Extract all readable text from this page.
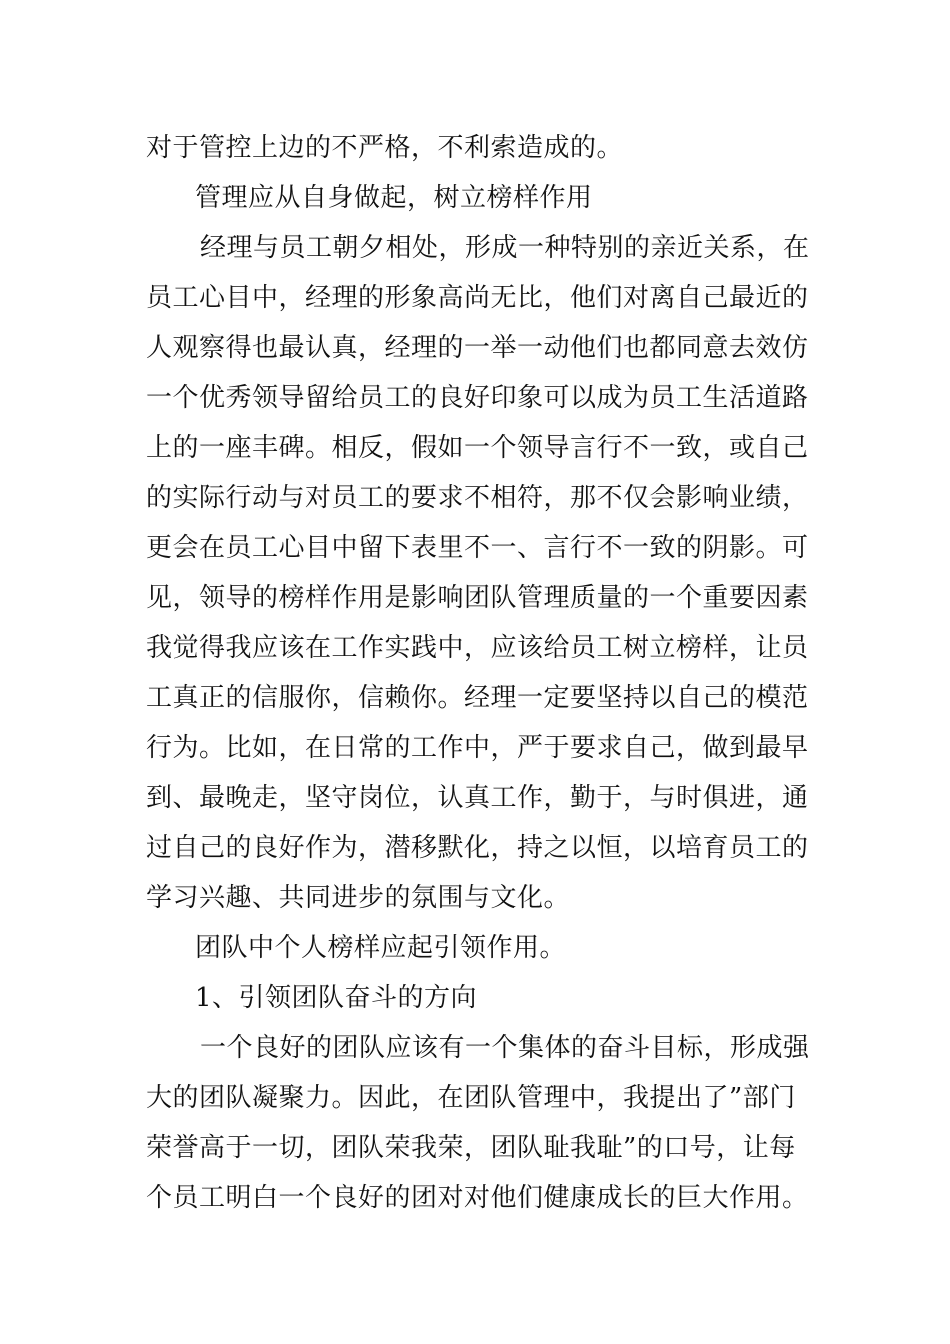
对于管控上边的不严格，不利索造成的。
管理应从自身做起，树立榜样作用
经理与员工朝夕相处，形成一种特别的亲近关系，在
员工心目中，经理的形象高尚无比，他们对离自己最近的
人观察得也最认真，经理的一举一动他们也都同意去效仿
一个优秀领导留给员工的良好印象可以成为员工生活道路
上的一座丰碑。相反，假如一个领导言行不一致，或自己
的实际行动与对员工的要求不相符，那不仅会影响业绩，
更会在员工心目中留下表里不一、言行不一致的阴影。可
见，领导的榜样作用是影响团队管理质量的一个重要因素
我觉得我应该在工作实践中，应该给员工树立榜样，让员
工真正的信服你，信赖你。经理一定要坚持以自己的模范
行为。比如，在日常的工作中，严于要求自己，做到最早
到、最晚走，坚守岗位，认真工作，勤于，与时俱进，通
过自己的良好作为，潜移默化，持之以恒，以培育员工的
学习兴趣、共同进步的氛围与文化。
团队中个人榜样应起引领作用。
1、引领团队奋斗的方向
一个良好的团队应该有一个集体的奋斗目标，形成强
大的团队凝聚力。因此，在团队管理中，我提出了”部门
荣誉高于一切，团队荣我荣，团队耻我耻”的口号，让每
个员工明白一个良好的团对对他们健康成长的巨大作用。
